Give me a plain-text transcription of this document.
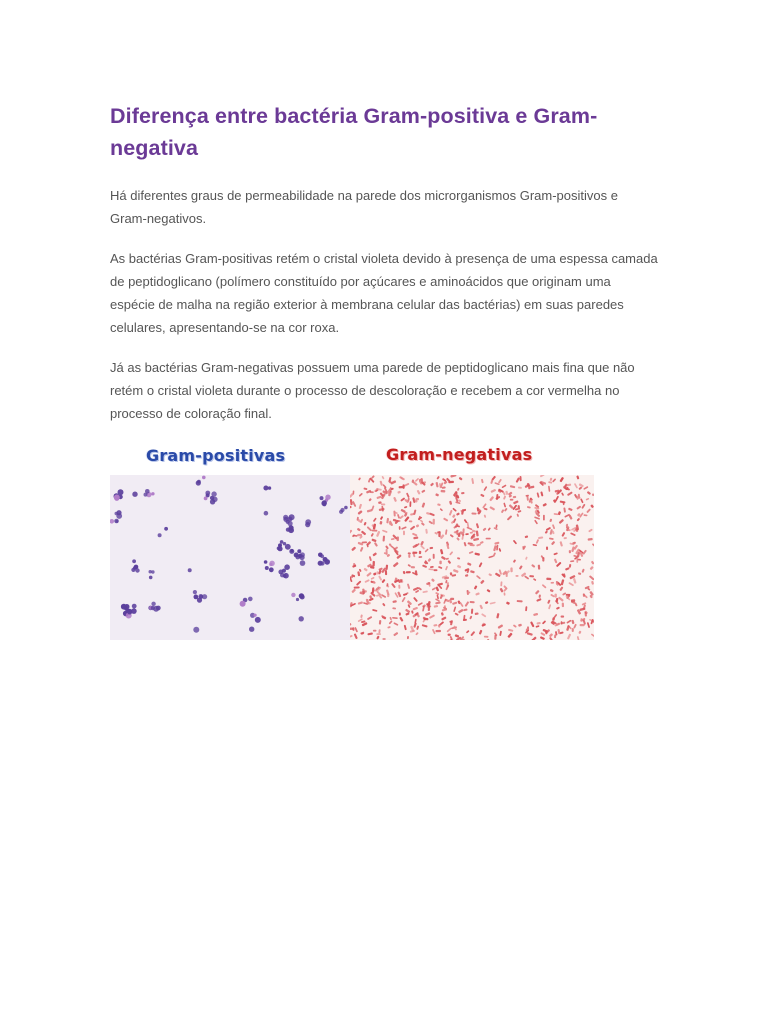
Diferença entre bactéria Gram-positiva e Gram-negativa

Há diferentes graus de permeabilidade na parede dos microrganismos Gram-positivos e Gram-negativos.

As bactérias Gram-positivas retém o cristal violeta devido à presença de uma espessa camada de peptidoglicano (polímero constituído por açúcares e aminoácidos que originam uma espécie de malha na região exterior à membrana celular das bactérias) em suas paredes celulares, apresentando-se na cor roxa.

Já as bactérias Gram-negativas possuem uma parede de peptidoglicano mais fina que não retém o cristal violeta durante o processo de descoloração e recebem a cor vermelha no processo de coloração final.

Gram-positivas	Gram-negativas
